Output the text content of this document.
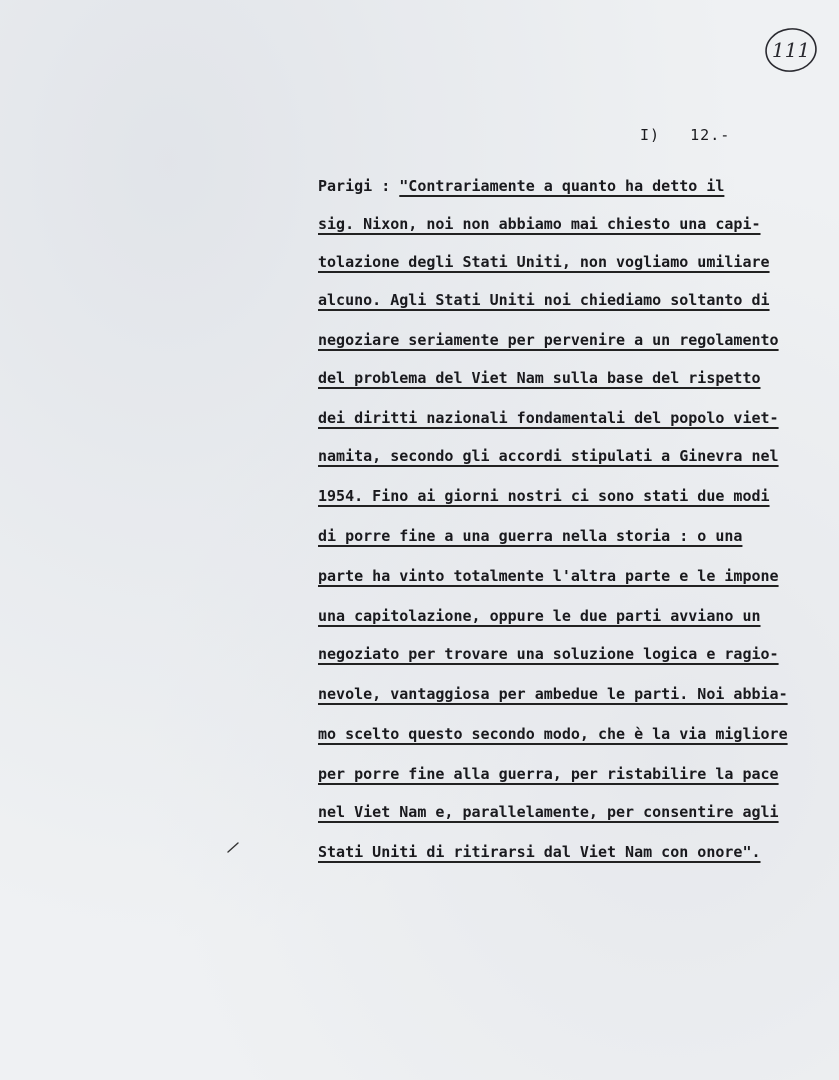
111
I)   12.-
Parigi : "Contrariamente a quanto ha detto il
sig. Nixon, noi non abbiamo mai chiesto una capi-
tolazione degli Stati Uniti, non vogliamo umiliare
alcuno. Agli Stati Uniti noi chiediamo soltanto di
negoziare seriamente per pervenire a un regolamento
del problema del Viet Nam sulla base del rispetto
dei diritti nazionali fondamentali del popolo viet-
namita, secondo gli accordi stipulati a Ginevra nel
1954. Fino ai giorni nostri ci sono stati due modi
di porre fine a una guerra nella storia : o una
parte ha vinto totalmente l'altra parte e le impone
una capitolazione, oppure le due parti avviano un
negoziato per trovare una soluzione logica e ragio-
nevole, vantaggiosa per ambedue le parti. Noi abbia-
mo scelto questo secondo modo, che è la via migliore
per porre fine alla guerra, per ristabilire la pace
nel Viet Nam e, parallelamente, per consentire agli
Stati Uniti di ritirarsi dal Viet Nam con onore".
